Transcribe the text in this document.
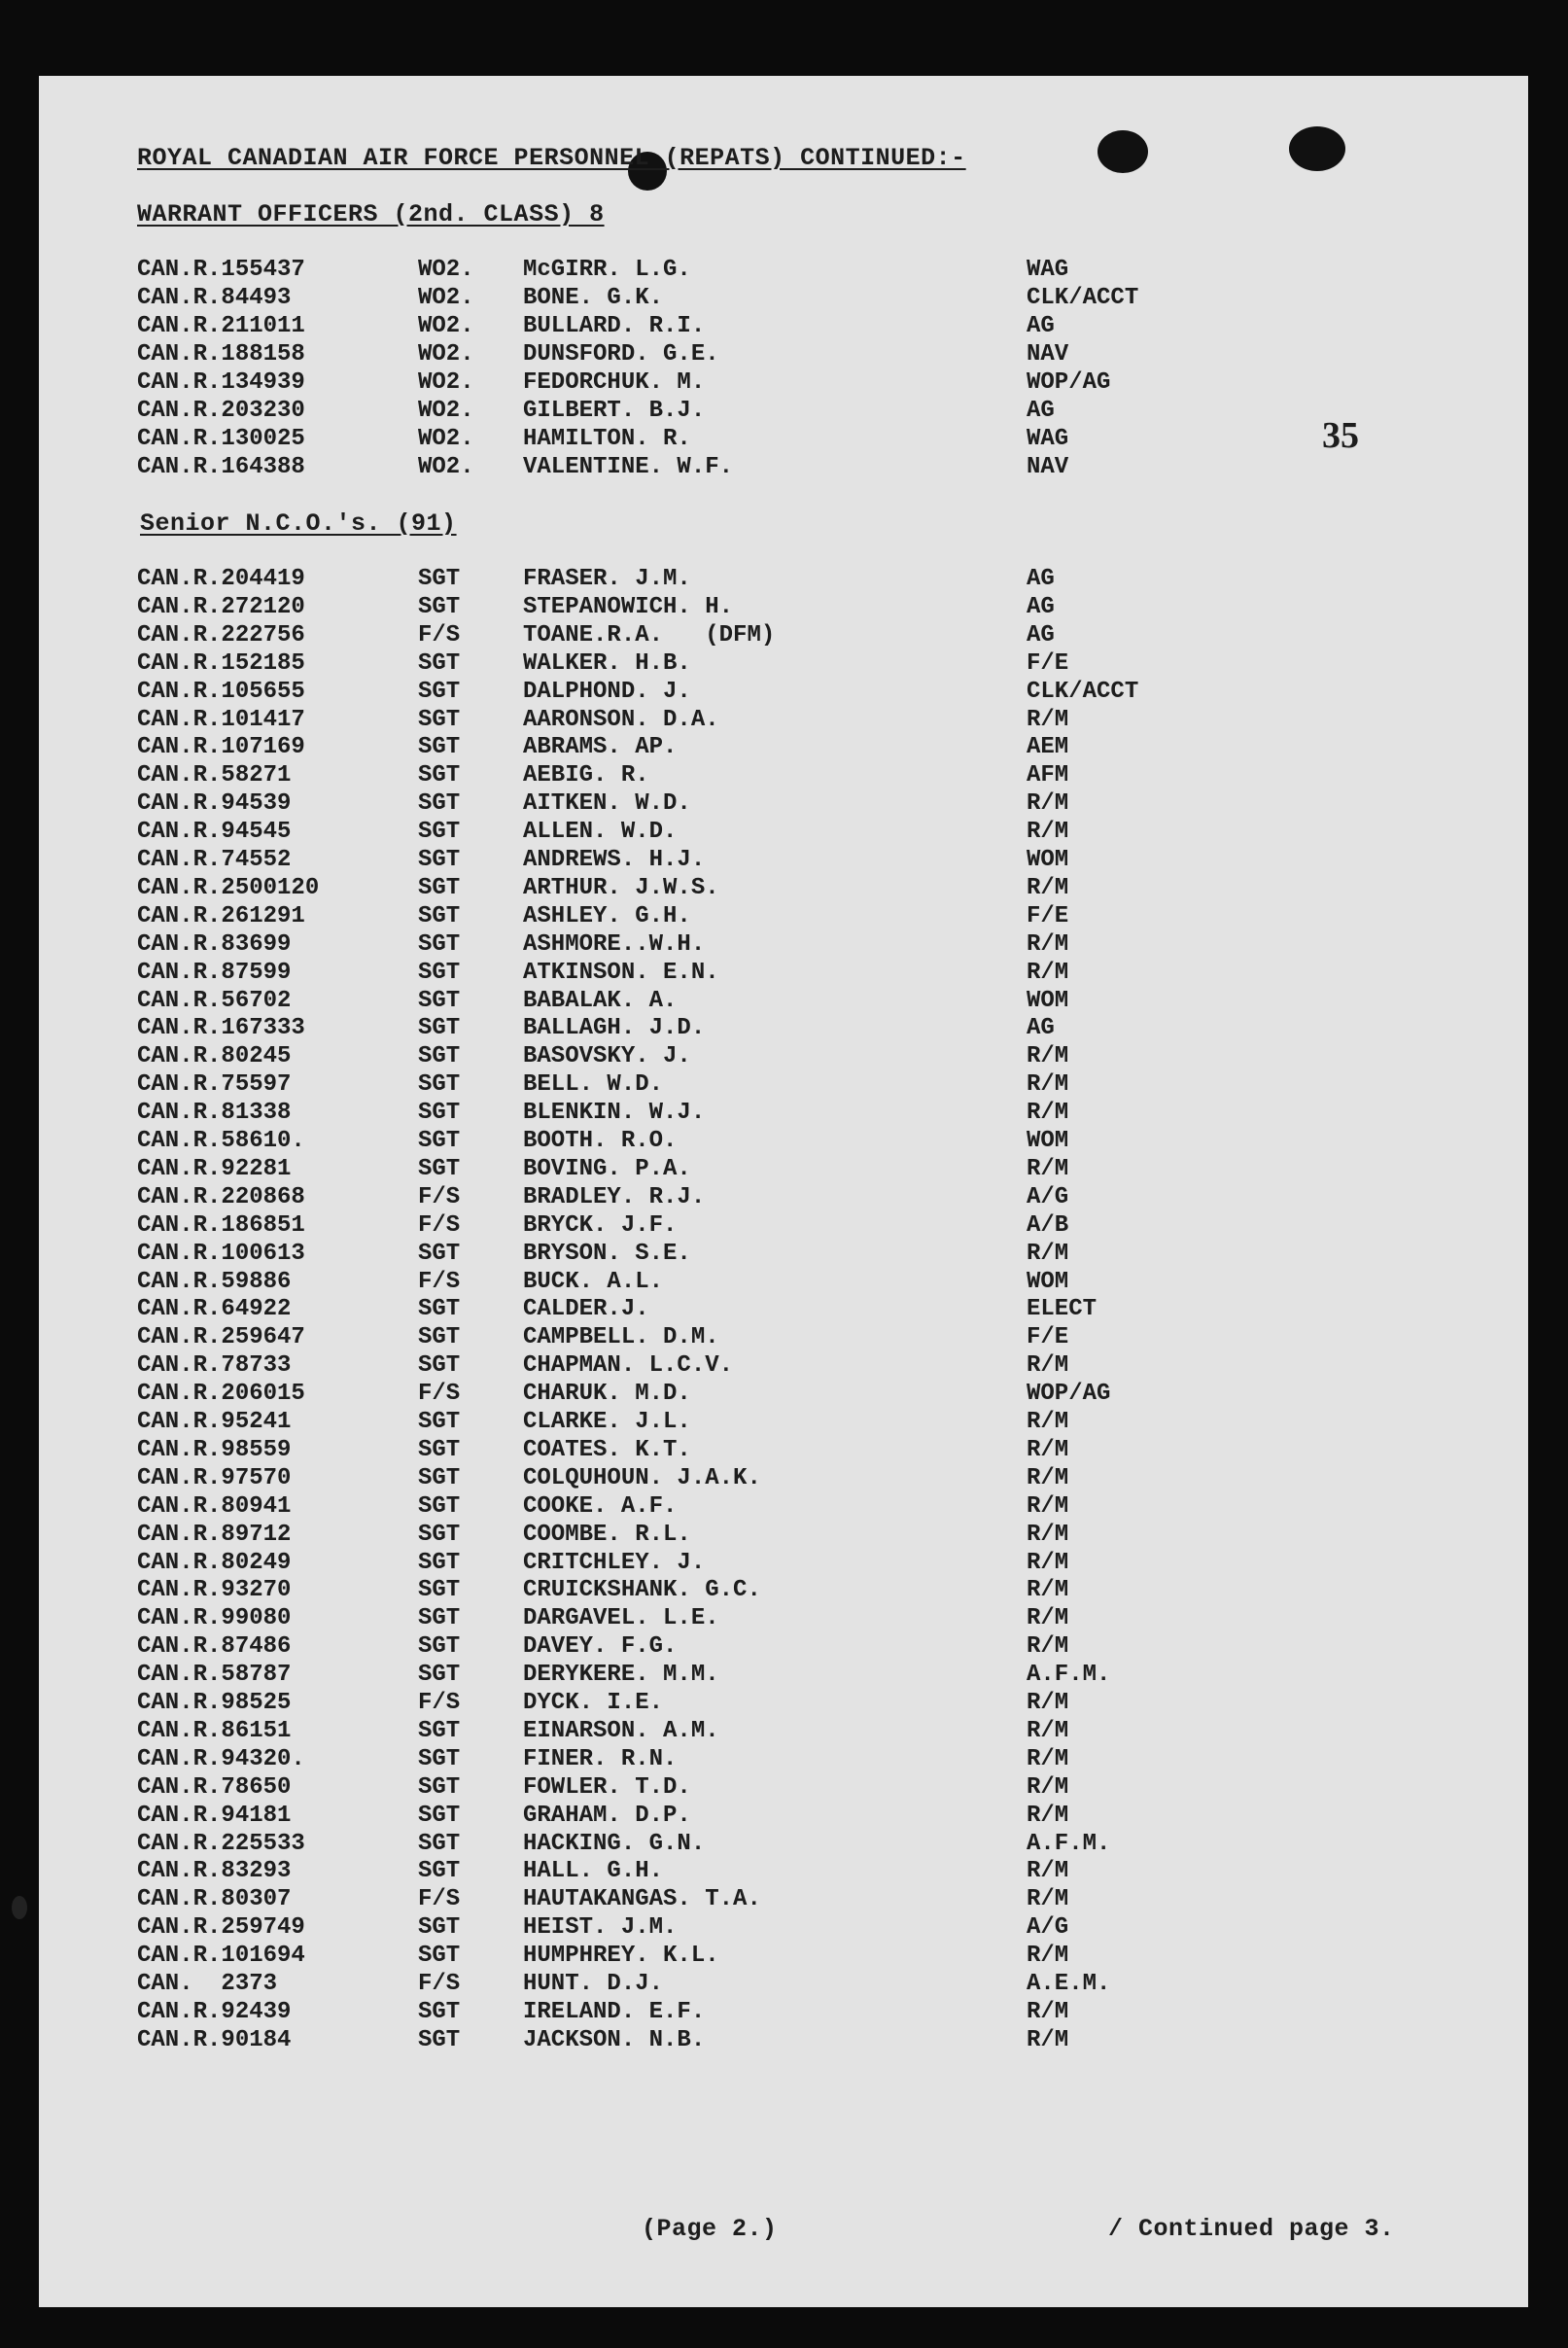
ROYAL CANADIAN AIR FORCE PERSONNEL (REPATS) CONTINUED:-
WARRANT OFFICERS (2nd. CLASS) 8
35
CAN.R.155437	WO2. McGIRR. L.G.	WAG
CAN.R.84493	WO2. BONE. G.K.	CLK/ACCT
CAN.R.211011	WO2. BULLARD. R.I.	AG
CAN.R.188158	WO2. DUNSFORD. G.E.	NAV
CAN.R.134939	WO2. FEDORCHUK. M.	WOP/AG
CAN.R.203230	WO2. GILBERT. B.J.	AG
CAN.R.130025	WO2. HAMILTON. R.	WAG
CAN.R.164388	WO2. VALENTINE. W.F.	NAV
Senior N.C.O.'s. (91)
CAN.R.204419	SGT	FRASER. J.M.	AG
CAN.R.272120	SGT	STEPANOWICH. H.	AG
CAN.R.222756	F/S	TOANE.R.A.   (DFM)	AG
CAN.R.152185	SGT	WALKER. H.B.	F/E
CAN.R.105655	SGT	DALPHOND. J.	CLK/ACCT
CAN.R.101417	SGT	AARONSON. D.A.	R/M
CAN.R.107169	SGT	ABRAMS. AP.	AEM
CAN.R.58271	SGT	AEBIG. R.	AFM
CAN.R.94539	SGT	AITKEN. W.D.	R/M
CAN.R.94545	SGT	ALLEN. W.D.	R/M
CAN.R.74552	SGT	ANDREWS. H.J.	WOM
CAN.R.2500120	SGT	ARTHUR. J.W.S.	R/M
CAN.R.261291	SGT	ASHLEY. G.H.	F/E
CAN.R.83699	SGT	ASHMORE..W.H.	R/M
CAN.R.87599	SGT	ATKINSON. E.N.	R/M
CAN.R.56702	SGT	BABALAK. A.	WOM
CAN.R.167333	SGT	BALLAGH. J.D.	AG
CAN.R.80245	SGT	BASOVSKY. J.	R/M
CAN.R.75597	SGT	BELL. W.D.	R/M
CAN.R.81338	SGT	BLENKIN. W.J.	R/M
CAN.R.58610.	SGT	BOOTH. R.O.	WOM
CAN.R.92281	SGT	BOVING. P.A.	R/M
CAN.R.220868	F/S	BRADLEY. R.J.	A/G
CAN.R.186851	F/S	BRYCK. J.F.	A/B
CAN.R.100613	SGT	BRYSON. S.E.	R/M
CAN.R.59886	F/S	BUCK. A.L.	WOM
CAN.R.64922	SGT	CALDER.J.	ELECT
CAN.R.259647	SGT	CAMPBELL. D.M.	F/E
CAN.R.78733	SGT	CHAPMAN. L.C.V.	R/M
CAN.R.206015	F/S	CHARUK. M.D.	WOP/AG
CAN.R.95241	SGT	CLARKE. J.L.	R/M
CAN.R.98559	SGT	COATES. K.T.	R/M
CAN.R.97570	SGT	COLQUHOUN. J.A.K.	R/M
CAN.R.80941	SGT	COOKE. A.F.	R/M
CAN.R.89712	SGT	COOMBE. R.L.	R/M
CAN.R.80249	SGT	CRITCHLEY. J.	R/M
CAN.R.93270	SGT	CRUICKSHANK. G.C.	R/M
CAN.R.99080	SGT	DARGAVEL. L.E.	R/M
CAN.R.87486	SGT	DAVEY. F.G.	R/M
CAN.R.58787	SGT	DERYKERE. M.M.	A.F.M.
CAN.R.98525	F/S	DYCK. I.E.	R/M
CAN.R.86151	SGT	EINARSON. A.M.	R/M
CAN.R.94320.	SGT	FINER. R.N.	R/M
CAN.R.78650	SGT	FOWLER. T.D.	R/M
CAN.R.94181	SGT	GRAHAM. D.P.	R/M
CAN.R.225533	SGT	HACKING. G.N.	A.F.M.
CAN.R.83293	SGT	HALL. G.H.	R/M
CAN.R.80307	F/S	HAUTAKANGAS. T.A.	R/M
CAN.R.259749	SGT	HEIST. J.M.	A/G
CAN.R.101694	SGT	HUMPHREY. K.L.	R/M
CAN.  2373	F/S	HUNT. D.J.	A.E.M.
CAN.R.92439	SGT	IRELAND. E.F.	R/M
CAN.R.90184	SGT	JACKSON. N.B.	R/M
(Page 2.)	/ Continued page 3.
